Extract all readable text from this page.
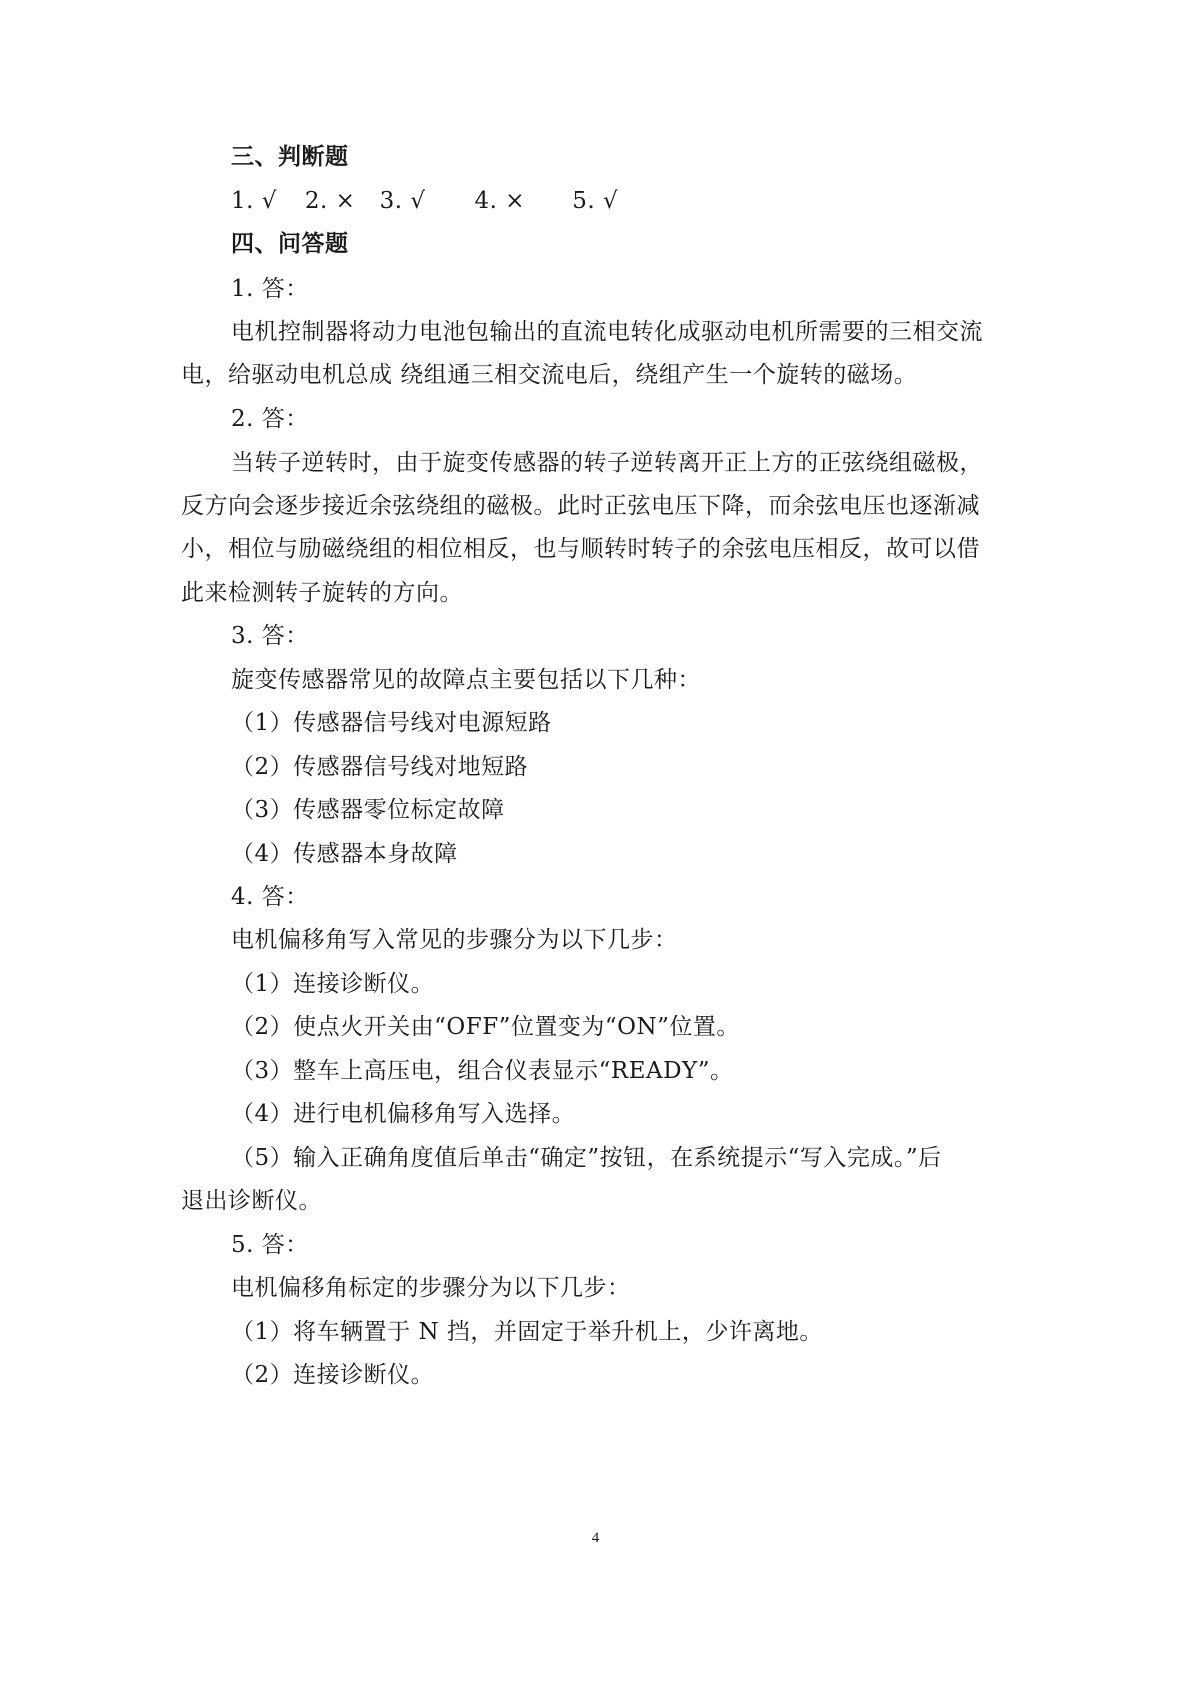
三、判断题
1. √ 2. × 3. √ 4. × 5. √
四、问答题
1. 答：
电机控制器将动力电池包输出的直流电转化成驱动电机所需要的三相交流
电，给驱动电机总成 绕组通三相交流电后，绕组产生一个旋转的磁场。
2. 答：
当转子逆转时，由于旋变传感器的转子逆转离开正上方的正弦绕组磁极，
反方向会逐步接近余弦绕组的磁极。此时正弦电压下降，而余弦电压也逐渐减
小，相位与励磁绕组的相位相反，也与顺转时转子的余弦电压相反，故可以借
此来检测转子旋转的方向。
3. 答：
旋变传感器常见的故障点主要包括以下几种：
（1）传感器信号线对电源短路
（2）传感器信号线对地短路
（3）传感器零位标定故障
（4）传感器本身故障
4. 答：
电机偏移角写入常见的步骤分为以下几步：
（1）连接诊断仪。
（2）使点火开关由“OFF”位置变为“ON”位置。
（3）整车上高压电，组合仪表显示“READY”。
（4）进行电机偏移角写入选择。
（5）输入正确角度值后单击“确定”按钮，在系统提示“写入完成。”后
退出诊断仪。
5. 答：
电机偏移角标定的步骤分为以下几步：
（1）将车辆置于 N 挡，并固定于举升机上，少许离地。
（2）连接诊断仪。
4
